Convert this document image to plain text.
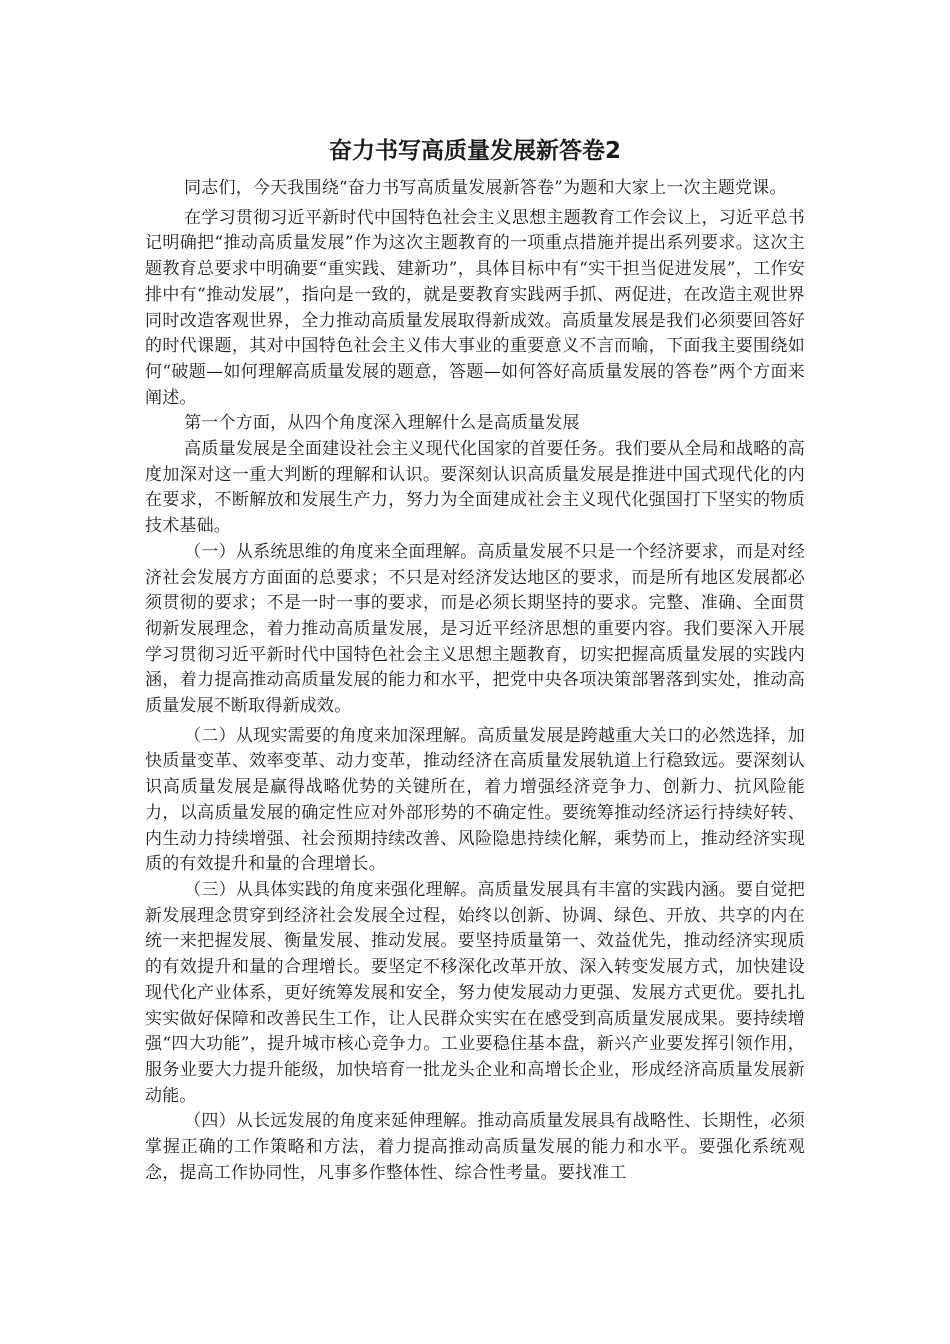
奋力书写高质量发展新答卷2

同志们，今天我围绕“奋力书写高质量发展新答卷”为题和大家上一次主题党课。

在学习贯彻习近平新时代中国特色社会主义思想主题教育工作会议上，习近平总书记明确把“推动高质量发展”作为这次主题教育的一项重点措施并提出系列要求。这次主题教育总要求中明确要“重实践、建新功”，具体目标中有“实干担当促进发展”，工作安排中有“推动发展”，指向是一致的，就是要教育实践两手抓、两促进，在改造主观世界同时改造客观世界，全力推动高质量发展取得新成效。高质量发展是我们必须要回答好的时代课题，其对中国特色社会主义伟大事业的重要意义不言而喻，下面我主要围绕如何“破题—如何理解高质量发展的题意，答题—如何答好高质量发展的答卷”两个方面来阐述。

第一个方面，从四个角度深入理解什么是高质量发展

高质量发展是全面建设社会主义现代化国家的首要任务。我们要从全局和战略的高度加深对这一重大判断的理解和认识。要深刻认识高质量发展是推进中国式现代化的内在要求，不断解放和发展生产力，努力为全面建成社会主义现代化强国打下坚实的物质技术基础。

（一）从系统思维的角度来全面理解。高质量发展不只是一个经济要求，而是对经济社会发展方方面面的总要求；不只是对经济发达地区的要求，而是所有地区发展都必须贯彻的要求；不是一时一事的要求，而是必须长期坚持的要求。完整、准确、全面贯彻新发展理念，着力推动高质量发展，是习近平经济思想的重要内容。我们要深入开展学习贯彻习近平新时代中国特色社会主义思想主题教育，切实把握高质量发展的实践内涵，着力提高推动高质量发展的能力和水平，把党中央各项决策部署落到实处，推动高质量发展不断取得新成效。

（二）从现实需要的角度来加深理解。高质量发展是跨越重大关口的必然选择，加快质量变革、效率变革、动力变革，推动经济在高质量发展轨道上行稳致远。要深刻认识高质量发展是赢得战略优势的关键所在，着力增强经济竞争力、创新力、抗风险能力，以高质量发展的确定性应对外部形势的不确定性。要统筹推动经济运行持续好转、内生动力持续增强、社会预期持续改善、风险隐患持续化解，乘势而上，推动经济实现质的有效提升和量的合理增长。

（三）从具体实践的角度来强化理解。高质量发展具有丰富的实践内涵。要自觉把新发展理念贯穿到经济社会发展全过程，始终以创新、协调、绿色、开放、共享的内在统一来把握发展、衡量发展、推动发展。要坚持质量第一、效益优先，推动经济实现质的有效提升和量的合理增长。要坚定不移深化改革开放、深入转变发展方式，加快建设现代化产业体系，更好统筹发展和安全，努力使发展动力更强、发展方式更优。要扎扎实实做好保障和改善民生工作，让人民群众实实在在感受到高质量发展成果。要持续增强“四大功能”，提升城市核心竞争力。工业要稳住基本盘，新兴产业要发挥引领作用，服务业要大力提升能级，加快培育一批龙头企业和高增长企业，形成经济高质量发展新动能。

（四）从长远发展的角度来延伸理解。推动高质量发展具有战略性、长期性，必须掌握正确的工作策略和方法，着力提高推动高质量发展的能力和水平。要强化系统观念，提高工作协同性，凡事多作整体性、综合性考量。要找准工
